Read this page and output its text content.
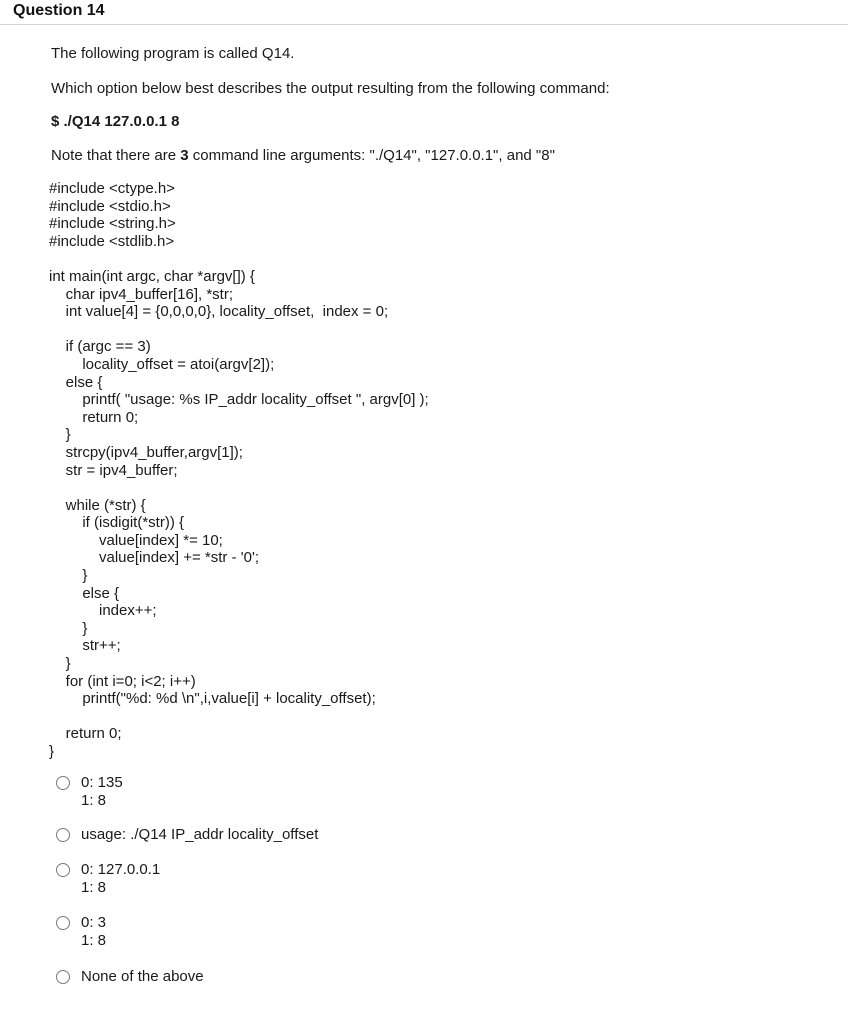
Question 14
The following program is called Q14.
Which option below best describes the output resulting from the following command:
$ ./Q14 127.0.0.1 8
Note that there are 3 command line arguments: "./Q14", "127.0.0.1", and "8"
#include <ctype.h>
#include <stdio.h>
#include <string.h>
#include <stdlib.h>
int main(int argc, char *argv[]) {
char ipv4_buffer[16], *str;
int value[4] = {0,0,0,0}, locality_offset,  index = 0;
if (argc == 3)
locality_offset = atoi(argv[2]);
else {
printf( "usage: %s IP_addr locality_offset ", argv[0] );
return 0;
}
strcpy(ipv4_buffer,argv[1]);
str = ipv4_buffer;
while (*str) {
if (isdigit(*str)) {
value[index] *= 10;
value[index] += *str - '0';
}
else {
index++;
}
str++;
}
for (int i=0; i<2; i++)
printf("%d: %d \n",i,value[i] + locality_offset);
return 0;
}
0: 135
1: 8
usage: ./Q14 IP_addr locality_offset
0: 127.0.0.1
1: 8
0: 3
1: 8
None of the above
